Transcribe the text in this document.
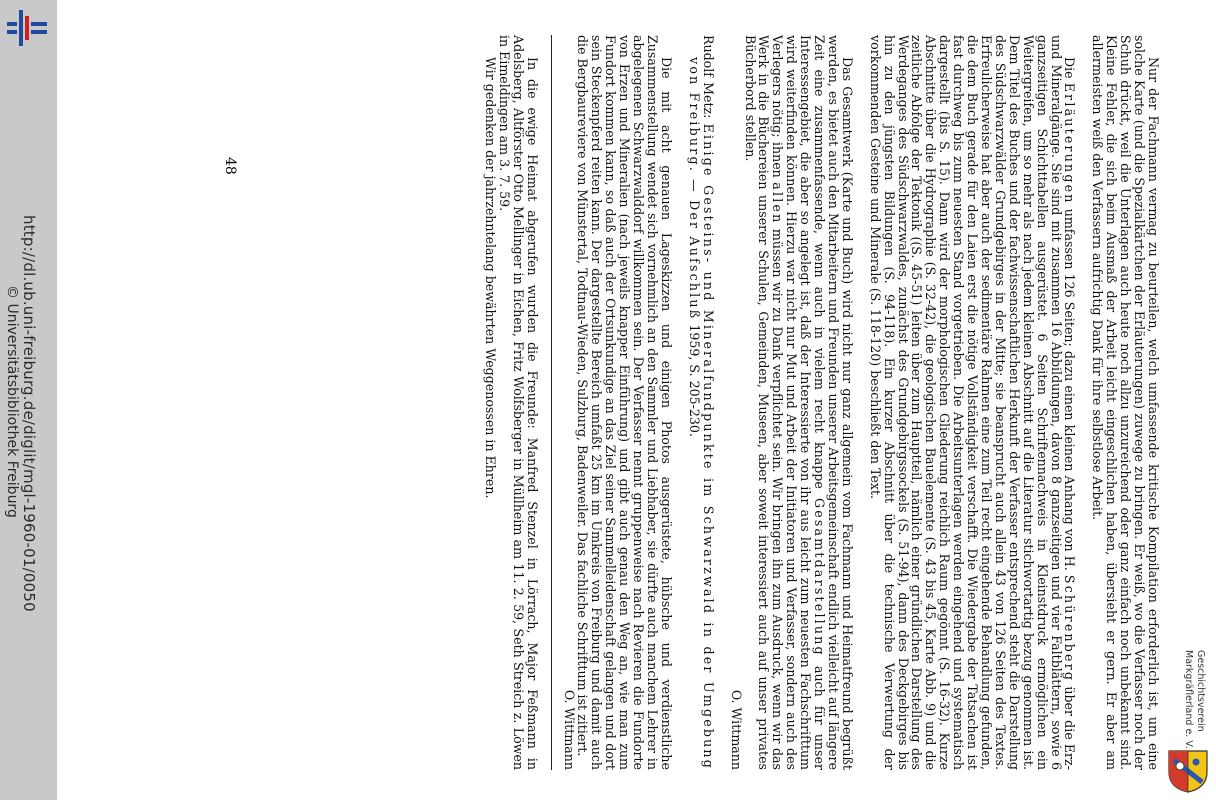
http://dl.ub.uni-freiburg.de/diglit/mgl-1960-01/0050
© Universitätsbibliothek Freiburg
48	Nur der Fachmann vermag zu beurteilen, welch umfassende kritische Kompilation erforderlich ist, um eine solche Karte (und die Spezialkärtchen der Erläuterungen) zuwege zu bringen. Er weiß, wo die Verfasser noch der Schuh drückt, weil die Unterlagen auch heute noch allzu unzureichend oder ganz einfach noch unbekannt sind. Kleine Fehler, die sich beim Ausmaß der Arbeit leicht eingeschlichen haben, übersieht er gern. Er aber am allermeisten weiß den Verfassern aufrichtig Dank für ihre selbstlose Arbeit.

Die Erläuterungen umfassen 126 Seiten; dazu einen kleinen Anhang von H. Schürenberg über die Erz- und Mineralgänge. Sie sind mit zusammen 16 Abbildungen, davon 8 ganzseitigen und vier Faltblättern, sowie 6 ganzseitigen Schichttabellen ausgerüstet. 6 Seiten Schriftennachweis in Kleinstdruck ermöglichen ein Weitergreifen, um so mehr als nach jedem kleinen Abschnitt auf die Literatur stichwortartig bezug genommen ist. Dem Titel des Buches und der fachwissenschaftlichen Herkunft der Verfasser entsprechend steht die Darstellung des Südschwarzwälder Grundgebirges in der Mitte; sie beansprucht auch allein 43 von 126 Seiten des Textes. Erfreulicherweise hat aber auch der sedimentäre Rahmen eine zum Teil recht eingehende Behandlung gefunden, die dem Buch gerade für den Laien erst die nötige Vollständigkeit verschafft. Die Wiedergabe der Tatsachen ist fast durchweg bis zum neuesten Stand vorgetrieben. Die Arbeitsunterlagen werden eingehend und systematisch dargestellt (bis S. 15). Dann wird der morphologischen Gliederung reichlich Raum gegönnt (S. 16-32). Kurze Abschnitte über die Hydrographie (S. 32-42), die geologischen Bauelemente (S. 43 bis 45, Karte Abb. 9) und die zeitliche Abfolge der Tektonik ((S. 45-51) leiten über zum Hauptteil, nämlich einer gründlichen Darstellung des Werdeganges des Südschwarzwaldes, zunächst des Grundgebirgssockels (S. 51-94), dann des Deckgebirges bis hin zu den jüngsten Bildungen (S. 94-118). Ein kurzer Abschnitt über die technische Verwertung der vorkommenden Gesteine und Minerale (S. 118-120) beschließt den Text.

Das Gesamtwerk (Karte und Buch) wird nicht nur ganz allgemein vom Fachmann und Heimatfreund begrüßt werden, es bietet auch den Mitarbeitern und Freunden unserer Arbeitsgemeinschaft endlich vielleicht auf längere Zeit eine zusammenfassende, wenn auch in vielem recht knappe Gesamtdarstellung auch für unser Interessengebiet, die aber so angelegt ist, daß der Interessierte von ihr aus leicht zum neuesten Fachschrifttum wird weiterfinden können. Hierzu war nicht nur Mut und Arbeit der Initiatoren und Verfasser, sondern auch des Verlegers nötig; ihnen allen müssen wir zu Dank verpflichtet sein. Wir bringen ihn zum Ausdruck, wenn wir das Werk in die Büchereien unserer Schulen, Gemeinden, Museen, aber soweit interessiert auch auf unser privates Bücherbord stellen.

O. Wittmann

Rudolf Metz: Einige Gesteins- und Mineralfundpunkte im Schwarzwald in der Umgebung von Freiburg. — Der Aufschluß 1959, S. 205-230.

Die mit acht genauen Lageskizzen und einigen Photos ausgerüstete, hübsche und verdienstliche Zusammenstellung wendet sich vornehmlich an den Sammler und Liebhaber, sie dürfte auch manchem Lehrer in abgelegenen Schwarzwalddorf willkommen sein. Der Verfasser nennt gruppenweise nach Revieren die Fundorte von Erzen und Mineralien (nach jeweils knapper Einführung) und gibt auch genau den Weg an, wie man zum Fundort kommen kann, so daß auch der Ortsunkundige an das Ziel seiner Sammelleidenschaft gelangen und dort sein Steckenpferd reiten kann. Der dargestellte Bereich umfaßt 25 km im Umkreis von Freiburg und damit auch die Bergbaureviere von Münstertal, Todtnau-Wieden, Sulzburg, Badenweiler. Das fachliche Schrifttum ist zitiert.

O. Wittmann

In die ewige Heimat abgerufen wurden die Freunde: Manfred Stenzel in Lörrach, Major Feßmann in Adelsberg, Altförster Otto Mellinger in Eichen, Fritz Wolfsberger in Müllheim am 11. 2. 59, Seth Streich z. Löwen in Eimeldingen am 3. 7. 59.

Wir gedenken der jahrzehntelang bewährten Weggenossen in Ehren.

Geschichtsverein
Markgräflerland e. V.
